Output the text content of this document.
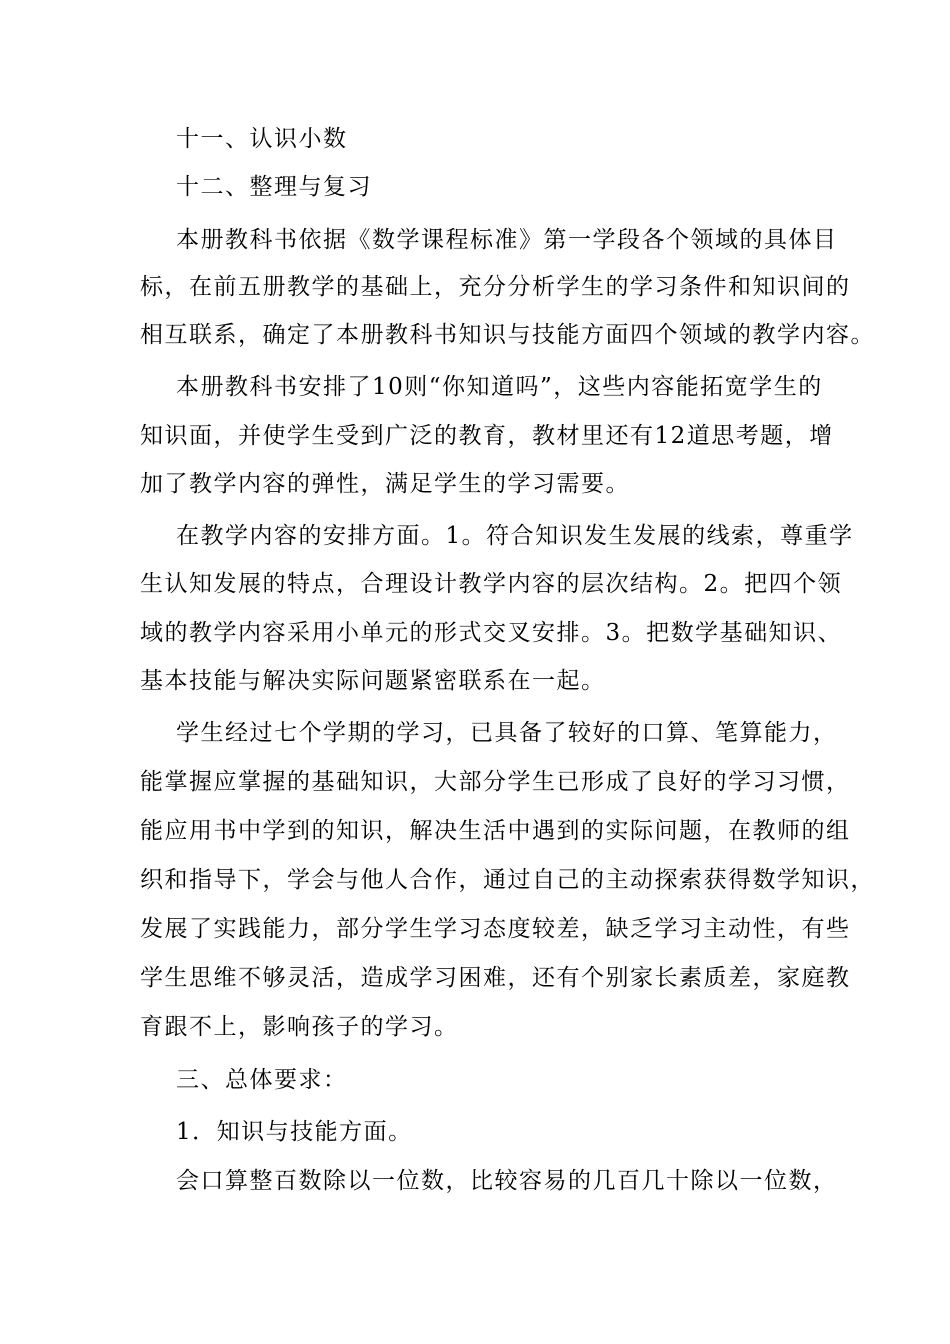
十一、认识小数
十二、整理与复习
本册教科书依据《数学课程标准》第一学段各个领域的具体目
标，在前五册教学的基础上，充分分析学生的学习条件和知识间的
相互联系，确定了本册教科书知识与技能方面四个领域的教学内容。
本册教科书安排了10则“你知道吗”，这些内容能拓宽学生的
知识面，并使学生受到广泛的教育，教材里还有12道思考题，增
加了教学内容的弹性，满足学生的学习需要。
在教学内容的安排方面。1。符合知识发生发展的线索，尊重学
生认知发展的特点，合理设计教学内容的层次结构。2。把四个领
域的教学内容采用小单元的形式交叉安排。3。把数学基础知识、
基本技能与解决实际问题紧密联系在一起。
学生经过七个学期的学习，已具备了较好的口算、笔算能力，
能掌握应掌握的基础知识，大部分学生已形成了良好的学习习惯，
能应用书中学到的知识，解决生活中遇到的实际问题，在教师的组
织和指导下，学会与他人合作，通过自己的主动探索获得数学知识，
发展了实践能力，部分学生学习态度较差，缺乏学习主动性，有些
学生思维不够灵活，造成学习困难，还有个别家长素质差，家庭教
育跟不上，影响孩子的学习。
三、总体要求：
1．知识与技能方面。
会口算整百数除以一位数，比较容易的几百几十除以一位数，
